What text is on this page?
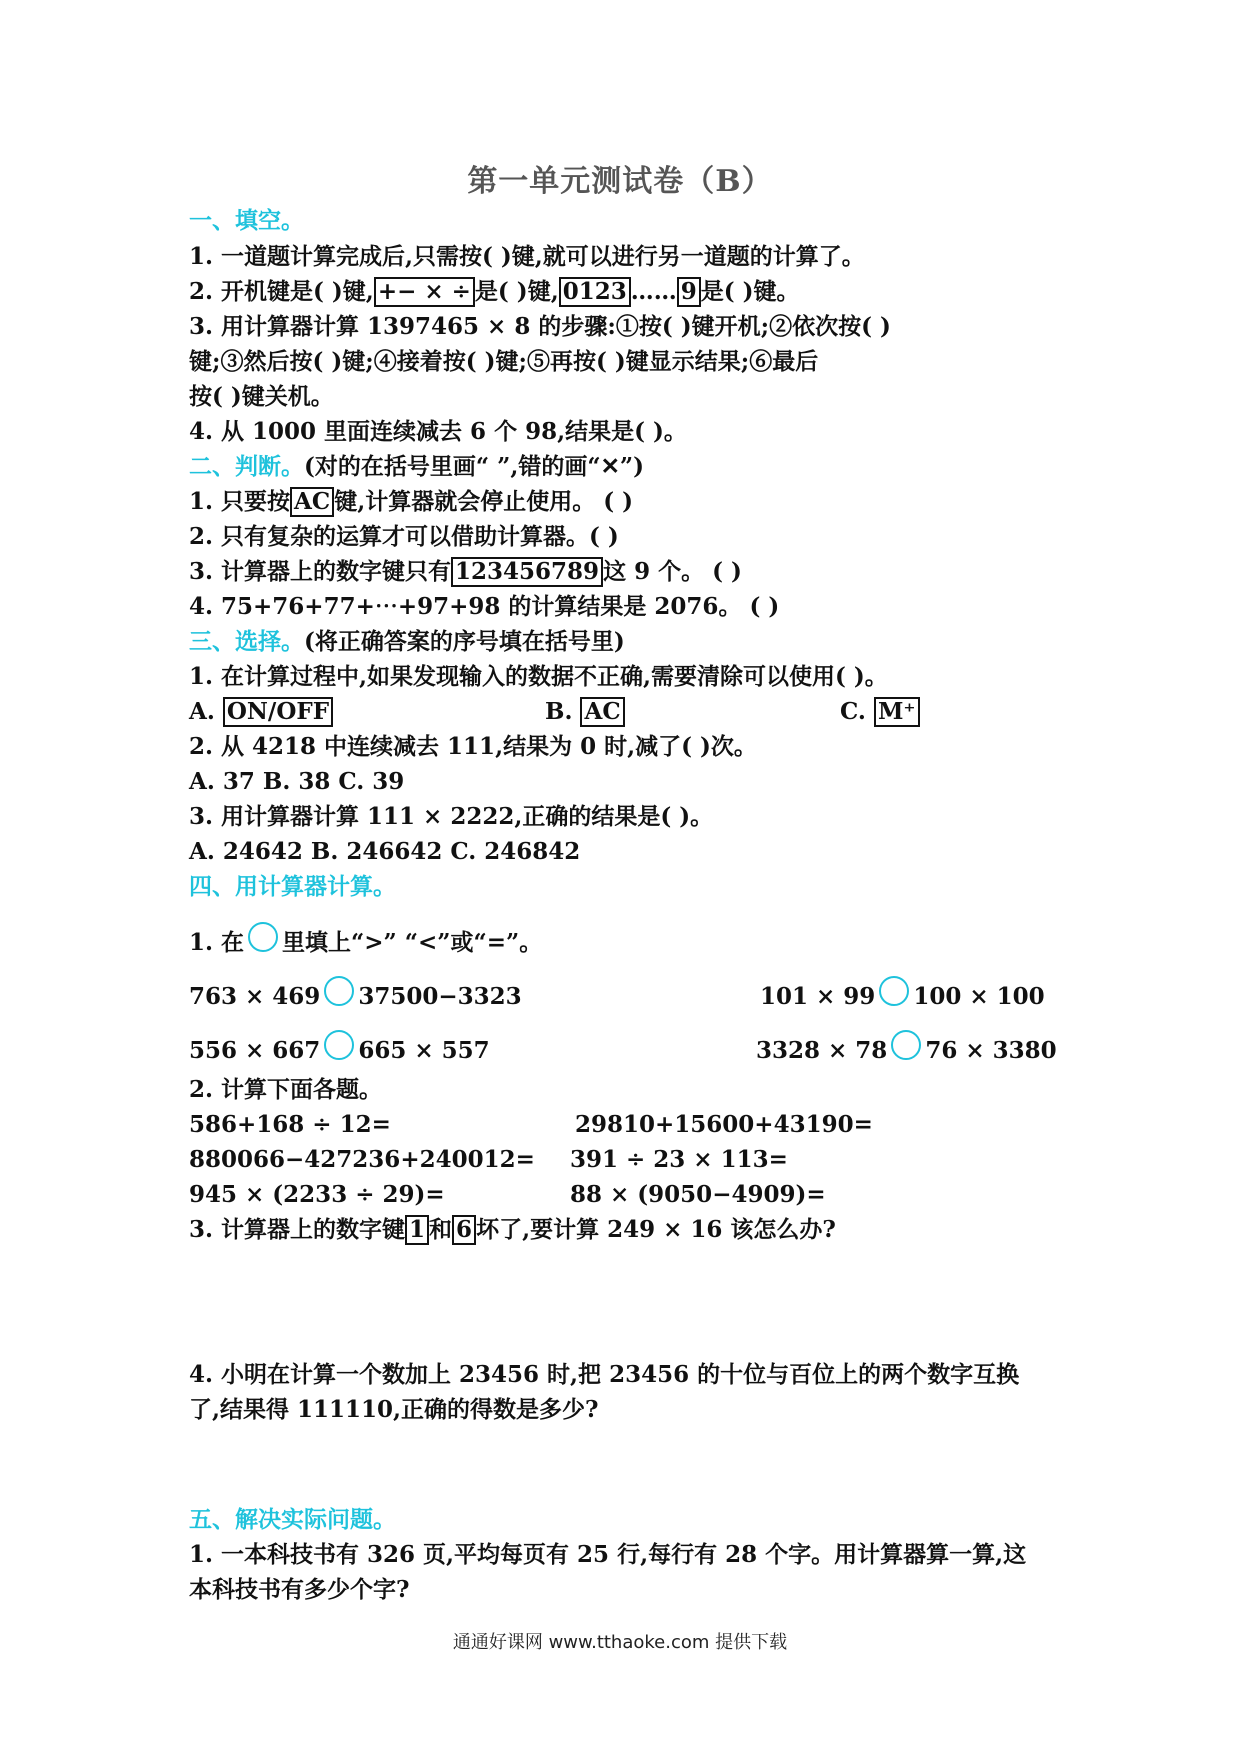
第一单元测试卷（B）
一、填空。
1. 一道题计算完成后,只需按( )键,就可以进行另一道题的计算了。
2. 开机键是( )键, +− × ÷ 是( )键, 0123 …… 9 是( )键。
3. 用计算器计算 1397465 × 8 的步骤:①按( )键开机;②依次按( )
键;③然后按( )键;④接着按( )键;⑤再按( )键显示结果;⑥最后
按( )键关机。
4. 从 1000 里面连续减去 6 个 98,结果是( )。
二、判断。(对的在括号里画“ ”,错的画“✕”)
1. 只要按 AC 键,计算器就会停止使用。 ( )
2. 只有复杂的运算才可以借助计算器。( )
3. 计算器上的数字键只有 123456789 这 9 个。 ( )
4. 75+76+77+⋯+97+98 的计算结果是 2076。 ( )
三、选择。(将正确答案的序号填在括号里)
1. 在计算过程中,如果发现输入的数据不正确,需要清除可以使用( )。
A. ON/OFF	B. AC	C. M⁺
2. 从 4218 中连续减去 111,结果为 0 时,减了( )次。
A. 37 B. 38 C. 39
3. 用计算器计算 111 × 2222,正确的结果是( )。
A. 24642 B. 246642 C. 246842
四、用计算器计算。
1. 在 里填上“>” “<”或“=”。
763 × 469 37500−3323	101 × 99 100 × 100
556 × 667 665 × 557	3328 × 78 76 × 3380
2. 计算下面各题。
586+168 ÷ 12=	29810+15600+43190=
880066−427236+240012= 391 ÷ 23 × 113=
945 × (2233 ÷ 29)=	88 × (9050−4909)=
3. 计算器上的数字键 1 和 6 坏了,要计算 249 × 16 该怎么办?
4. 小明在计算一个数加上 23456 时,把 23456 的十位与百位上的两个数字互换
了,结果得 111110,正确的得数是多少?
五、解决实际问题。
1. 一本科技书有 326 页,平均每页有 25 行,每行有 28 个字。用计算器算一算,这
本科技书有多少个字?
通通好课网 www.tthaoke.com 提供下载
